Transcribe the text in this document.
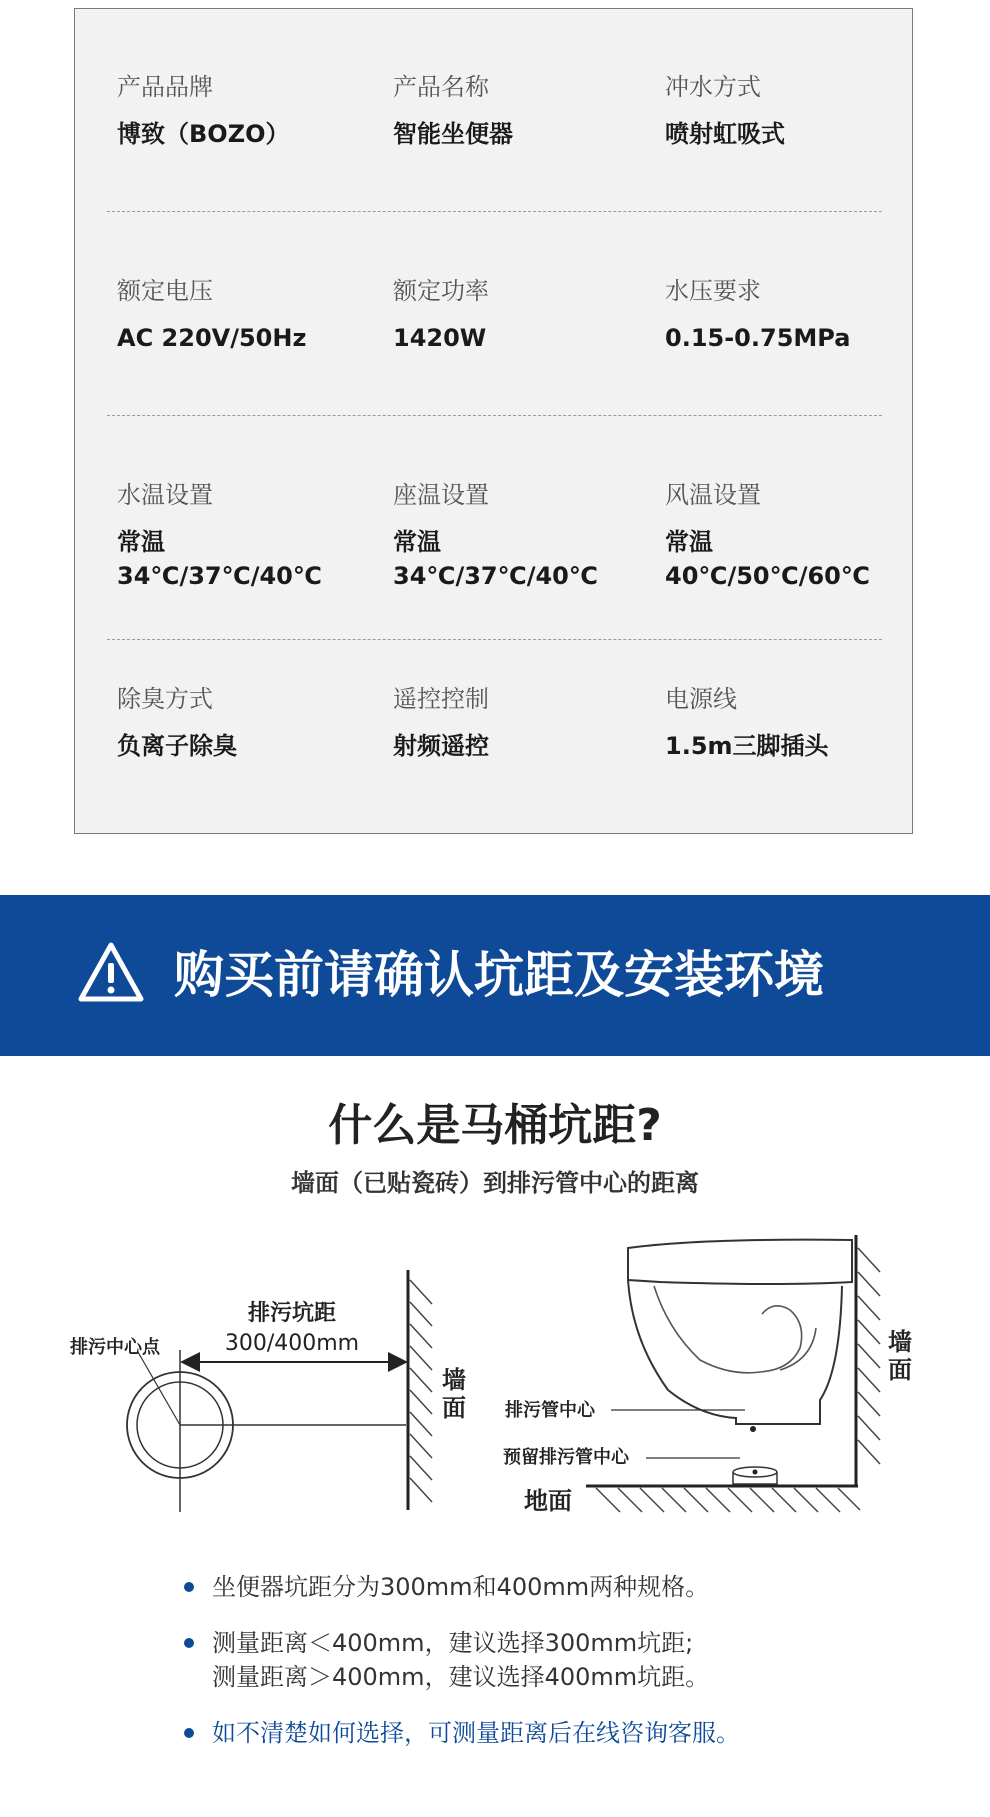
产品品牌
博致（BOZO）
产品名称
智能坐便器
冲水方式
喷射虹吸式
额定电压
AC 220V/50Hz
额定功率
1420W
水压要求
0.15-0.75MPa
水温设置
常温
34℃/37℃/40℃
座温设置
常温
34℃/37℃/40℃
风温设置
常温
40℃/50℃/60℃
除臭方式
负离子除臭
遥控控制
射频遥控
电源线
1.5m三脚插头
购买前请确认坑距及安装环境
什么是马桶坑距?
墙面（已贴瓷砖）到排污管中心的距离
排污中心点
排污坑距
300/400mm
墙
面 排污管中心
预留排污管中心
地面
墙
面
坐便器坑距分为300mm和400mm两种规格。
测量距离＜400mm，建议选择300mm坑距;
测量距离＞400mm，建议选择400mm坑距。
如不清楚如何选择，可测量距离后在线咨询客服。
